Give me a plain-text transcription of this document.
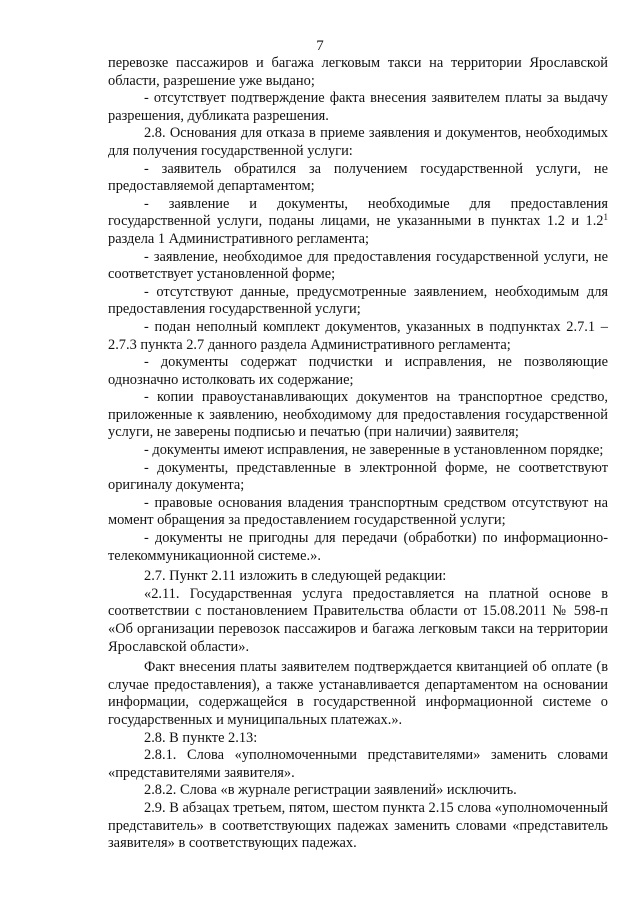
7

перевозке пассажиров и багажа легковым такси на территории Ярославской области, разрешение уже выдано;

- отсутствует подтверждение факта внесения заявителем платы за выдачу разрешения, дубликата разрешения.

2.8. Основания для отказа в приеме заявления и документов, необходимых для получения государственной услуги:

- заявитель обратился за получением государственной услуги, не предоставляемой департаментом;

- заявление и документы, необходимые для предоставления государственной услуги, поданы лицами, не указанными в пунктах 1.2 и $1.2^1$ раздела 1 Административного регламента;

- заявление, необходимое для предоставления государственной услуги, не соответствует установленной форме;

- отсутствуют данные, предусмотренные заявлением, необходимым для предоставления государственной услуги;

- подан неполный комплект документов, указанных в подпунктах 2.7.1 – 2.7.3 пункта 2.7 данного раздела Административного регламента;

- документы содержат подчистки и исправления, не позволяющие однозначно истолковать их содержание;

- копии правоустанавливающих документов на транспортное средство, приложенные к заявлению, необходимому для предоставления государственной услуги, не заверены подписью и печатью (при наличии) заявителя;

- документы имеют исправления, не заверенные в установленном порядке;

- документы, представленные в электронной форме, не соответствуют оригиналу документа;

- правовые основания владения транспортным средством отсутствуют на момент обращения за предоставлением государственной услуги;

- документы не пригодны для передачи (обработки) по информационно-телекоммуникационной системе.».

2.7. Пункт 2.11 изложить в следующей редакции:

«2.11. Государственная услуга предоставляется на платной основе в соответствии с постановлением Правительства области от 15.08.2011 № 598-п «Об организации перевозок пассажиров и багажа легковым такси на территории Ярославской области».

Факт внесения платы заявителем подтверждается квитанцией об оплате (в случае предоставления), а также устанавливается департаментом на основании информации, содержащейся в государственной информационной системе о государственных и муниципальных платежах.».

2.8. В пункте 2.13:

2.8.1. Слова «уполномоченными представителями» заменить словами «представителями заявителя».

2.8.2. Слова «в журнале регистрации заявлений» исключить.

2.9. В абзацах третьем, пятом, шестом пункта 2.15 слова «уполномоченный представитель» в соответствующих падежах заменить словами «представитель заявителя» в соответствующих падежах.
